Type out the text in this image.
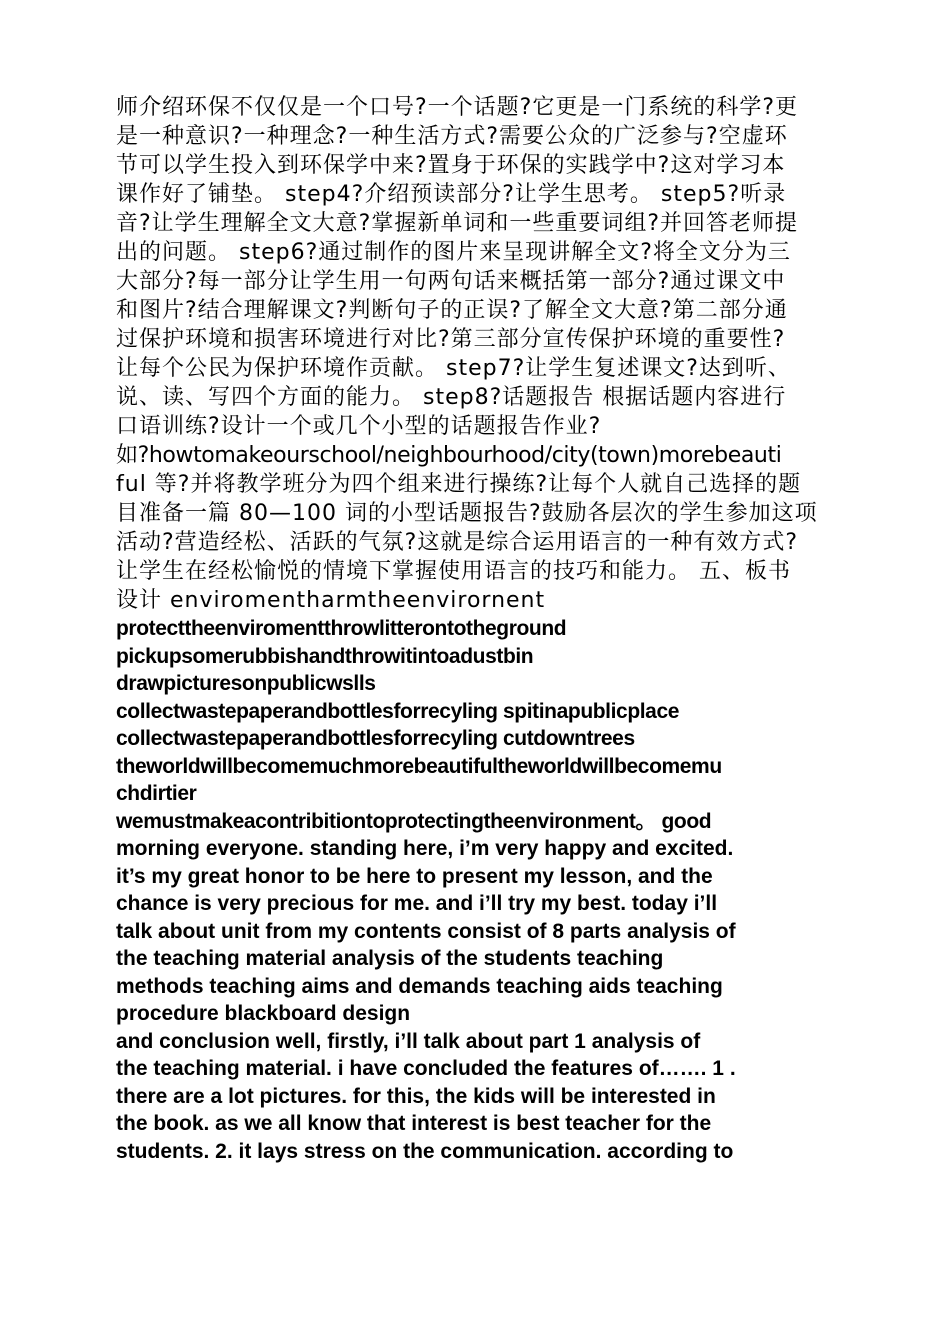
师介绍环保不仅仅是一个口号?一个话题?它更是一门系统的科学?更
是一种意识?一种理念?一种生活方式?需要公众的广泛参与?空虚环
节可以学生投入到环保学中来?置身于环保的实践学中?这对学习本
课作好了铺垫。 step4?介绍预读部分?让学生思考。 step5?听录
音?让学生理解全文大意?掌握新单词和一些重要词组?并回答老师提
出的问题。 step6?通过制作的图片来呈现讲解全文?将全文分为三
大部分?每一部分让学生用一句两句话来概括第一部分?通过课文中
和图片?结合理解课文?判断句子的正误?了解全文大意?第二部分通
过保护环境和损害环境进行对比?第三部分宣传保护环境的重要性?
让每个公民为保护环境作贡献。 step7?让学生复述课文?达到听、
说、读、写四个方面的能力。 step8?话题报告 根据话题内容进行
口语训练?设计一个或几个小型的话题报告作业?
如?howtomakeourschool/neighbourhood/city(town)morebeauti
ful 等?并将教学班分为四个组来进行操练?让每个人就自己选择的题
目准备一篇 80—100 词的小型话题报告?鼓励各层次的学生参加这项
活动?营造经松、活跃的气氛?这就是综合运用语言的一种有效方式?
让学生在经松愉悦的情境下掌握使用语言的技巧和能力。 五、板书
设计 enviromentharmtheenvirornent
protecttheenviromentthrowlitterontotheground
pickupsomerubbishandthrowitintoadustbin
drawpicturesonpublicwslls
collectwastepaperandbottlesforrecyling spitinapublicplace
collectwastepaperandbottlesforrecyling cutdowntrees
theworldwillbecomemuchmorebeautifultheworldwillbecomemu
chdirtier
wemustmakeacontribitiontoprotectingtheenvironment。 good
morning everyone. standing here, i’m very happy and excited.
it’s my great honor to be here to present my lesson, and the
chance is very precious for me. and i’ll try my best. today i’ll
talk about unit from my contents consist of 8 parts analysis of
the teaching material analysis of the students teaching
methods teaching aims and demands teaching aids teaching
procedure blackboard design
and conclusion well, firstly, i’ll talk about part 1 analysis of
the teaching material. i have concluded the features of……. 1 .
there are a lot pictures. for this, the kids will be interested in
the book. as we all know that interest is best teacher for the
students. 2. it lays stress on the communication. according to
